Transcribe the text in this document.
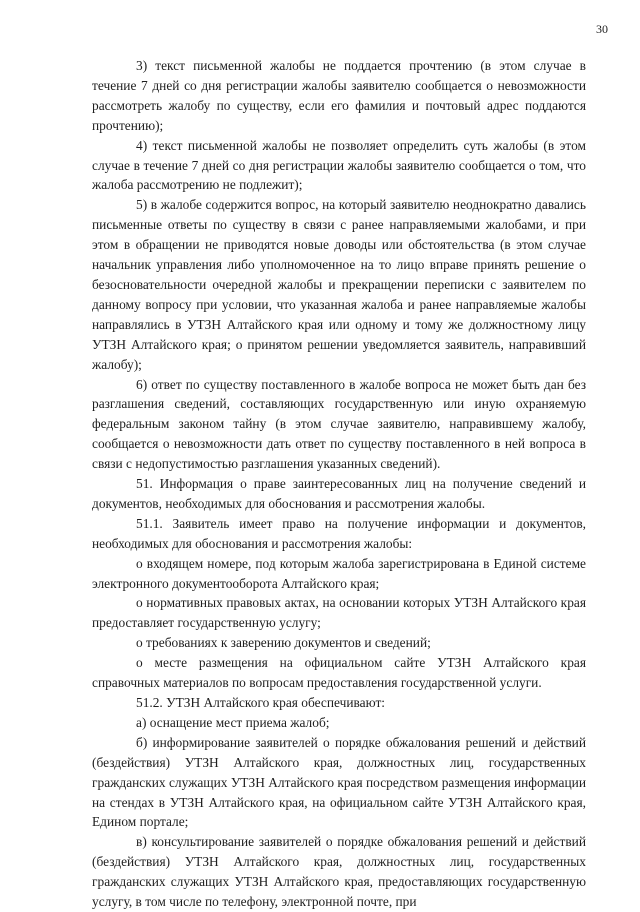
30

3) текст письменной жалобы не поддается прочтению (в этом случае в течение 7 дней со дня регистрации жалобы заявителю сообщается о невозможности рассмотреть жалобу по существу, если его фамилия и почтовый адрес поддаются прочтению);

4) текст письменной жалобы не позволяет определить суть жалобы (в этом случае в течение 7 дней со дня регистрации жалобы заявителю сообщается о том, что жалоба рассмотрению не подлежит);

5) в жалобе содержится вопрос, на который заявителю неоднократно давались письменные ответы по существу в связи с ранее направляемыми жалобами, и при этом в обращении не приводятся новые доводы или обстоятельства (в этом случае начальник управления либо уполномоченное на то лицо вправе принять решение о безосновательности очередной жалобы и прекращении переписки с заявителем по данному вопросу при условии, что указанная жалоба и ранее направляемые жалобы направлялись в УТЗН Алтайского края или одному и тому же должностному лицу УТЗН Алтайского края; о принятом решении уведомляется заявитель, направивший жалобу);

6) ответ по существу поставленного в жалобе вопроса не может быть дан без разглашения сведений, составляющих государственную или иную охраняемую федеральным законом тайну (в этом случае заявителю, направившему жалобу, сообщается о невозможности дать ответ по существу поставленного в ней вопроса в связи с недопустимостью разглашения указанных сведений).

51. Информация о праве заинтересованных лиц на получение сведений и документов, необходимых для обоснования и рассмотрения жалобы.

51.1. Заявитель имеет право на получение информации и документов, необходимых для обоснования и рассмотрения жалобы:

о входящем номере, под которым жалоба зарегистрирована в Единой системе электронного документооборота Алтайского края;

о нормативных правовых актах, на основании которых УТЗН Алтайского края предоставляет государственную услугу;

о требованиях к заверению документов и сведений;

о месте размещения на официальном сайте УТЗН Алтайского края справочных материалов по вопросам предоставления государственной услуги.

51.2. УТЗН Алтайского края обеспечивают:

а) оснащение мест приема жалоб;

б) информирование заявителей о порядке обжалования решений и действий (бездействия) УТЗН Алтайского края, должностных лиц, государственных гражданских служащих УТЗН Алтайского края посредством размещения информации на стендах в УТЗН Алтайского края, на официальном сайте УТЗН Алтайского края, Едином портале;

в) консультирование заявителей о порядке обжалования решений и действий (бездействия) УТЗН Алтайского края, должностных лиц, государственных гражданских служащих УТЗН Алтайского края, предоставляющих государственную услугу, в том числе по телефону, электронной почте, при
